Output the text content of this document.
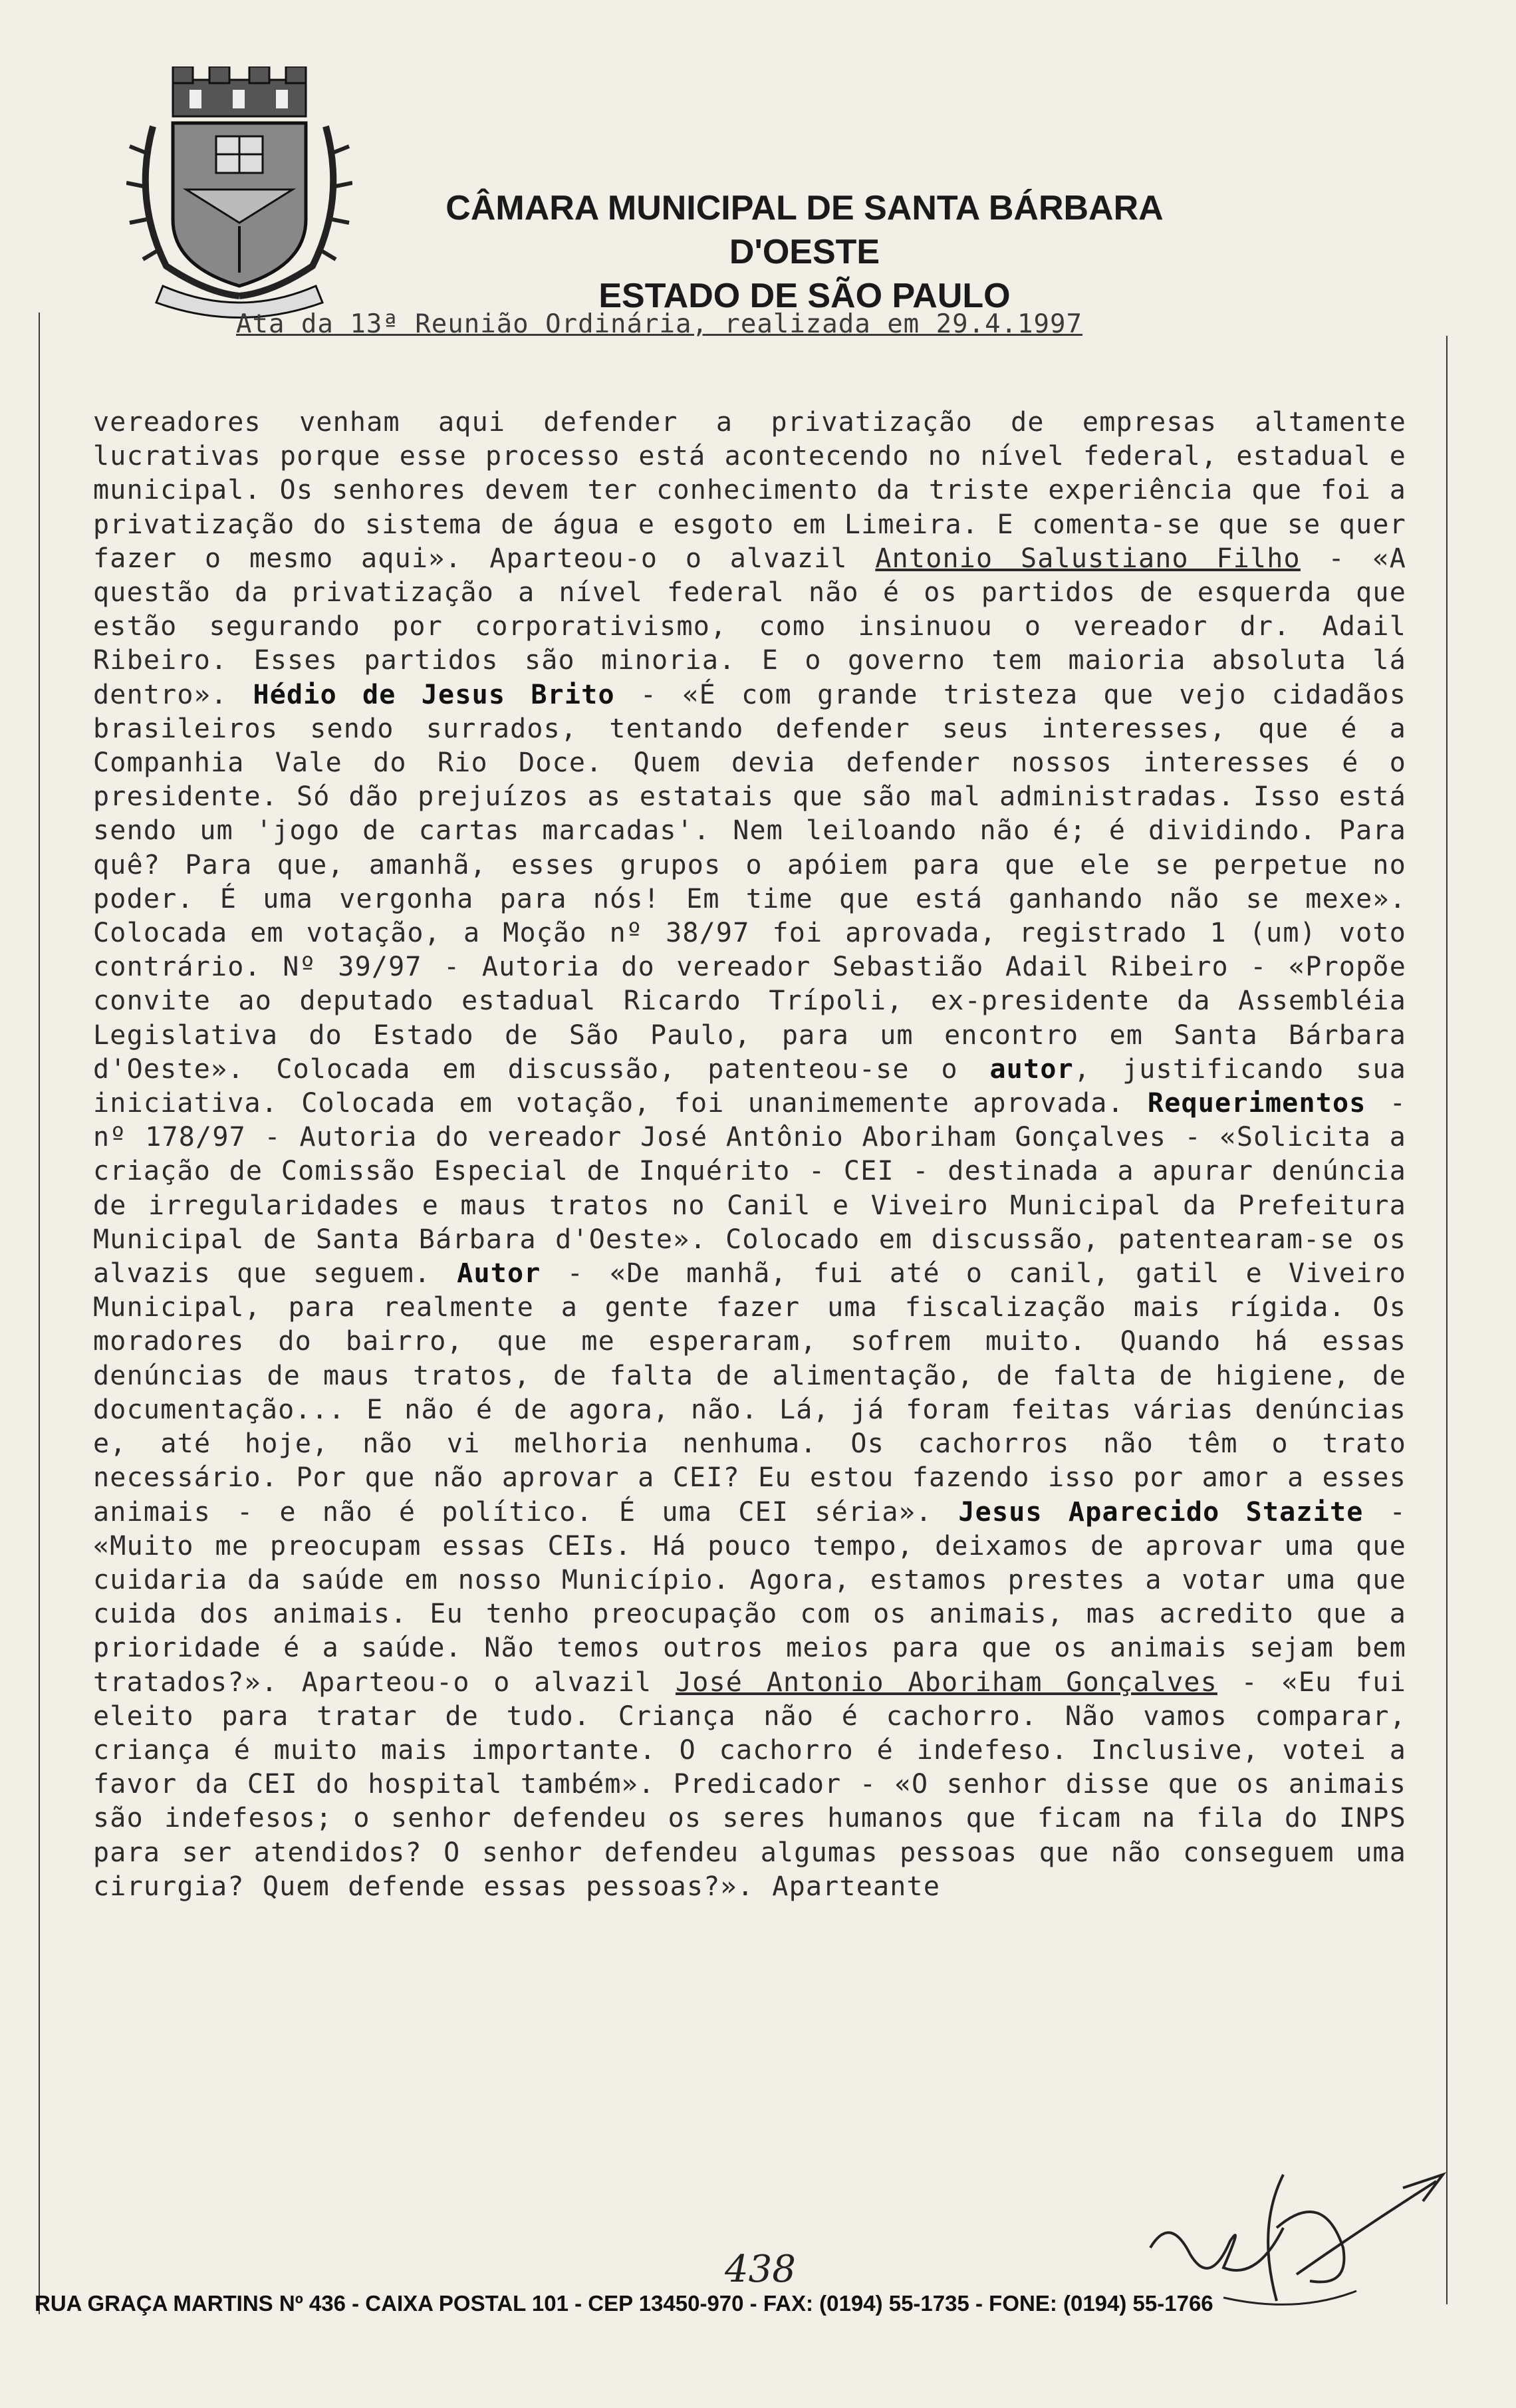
CÂMARA MUNICIPAL DE SANTA BÁRBARA D'OESTE
ESTADO DE SÃO PAULO
Ata da 13ª Reunião Ordinária, realizada em 29.4.1997
vereadores venham aqui defender a privatização de empresas altamente lucrativas porque esse processo está acontecendo no nível federal, estadual e municipal. Os senhores devem ter conhecimento da triste experiência que foi a privatização do sistema de água e esgoto em Limeira. E comenta-se que se quer fazer o mesmo aqui». Aparteou-o o alvazil Antonio Salustiano Filho - «A questão da privatização a nível federal não é os partidos de esquerda que estão segurando por corporativismo, como insinuou o vereador dr. Adail Ribeiro. Esses partidos são minoria. E o governo tem maioria absoluta lá dentro». Hédio de Jesus Brito - «É com grande tristeza que vejo cidadãos brasileiros sendo surrados, tentando defender seus interesses, que é a Companhia Vale do Rio Doce. Quem devia defender nossos interesses é o presidente. Só dão prejuízos as estatais que são mal administradas. Isso está sendo um 'jogo de cartas marcadas'. Nem leiloando não é; é dividindo. Para quê? Para que, amanhã, esses grupos o apóiem para que ele se perpetue no poder. É uma vergonha para nós! Em time que está ganhando não se mexe». Colocada em votação, a Moção nº 38/97 foi aprovada, registrado 1 (um) voto contrário. Nº 39/97 - Autoria do vereador Sebastião Adail Ribeiro - «Propõe convite ao deputado estadual Ricardo Trípoli, ex-presidente da Assembléia Legislativa do Estado de São Paulo, para um encontro em Santa Bárbara d'Oeste». Colocada em discussão, patenteou-se o autor, justificando sua iniciativa. Colocada em votação, foi unanimemente aprovada. Requerimentos - nº 178/97 - Autoria do vereador José Antônio Aboriham Gonçalves - «Solicita a criação de Comissão Especial de Inquérito - CEI - destinada a apurar denúncia de irregularidades e maus tratos no Canil e Viveiro Municipal da Prefeitura Municipal de Santa Bárbara d'Oeste». Colocado em discussão, patentearam-se os alvazis que seguem. Autor - «De manhã, fui até o canil, gatil e Viveiro Municipal, para realmente a gente fazer uma fiscalização mais rígida. Os moradores do bairro, que me esperaram, sofrem muito. Quando há essas denúncias de maus tratos, de falta de alimentação, de falta de higiene, de documentação... E não é de agora, não. Lá, já foram feitas várias denúncias e, até hoje, não vi melhoria nenhuma. Os cachorros não têm o trato necessário. Por que não aprovar a CEI? Eu estou fazendo isso por amor a esses animais - e não é político. É uma CEI séria». Jesus Aparecido Stazite - «Muito me preocupam essas CEIs. Há pouco tempo, deixamos de aprovar uma que cuidaria da saúde em nosso Município. Agora, estamos prestes a votar uma que cuida dos animais. Eu tenho preocupação com os animais, mas acredito que a prioridade é a saúde. Não temos outros meios para que os animais sejam bem tratados?». Aparteou-o o alvazil José Antonio Aboriham Gonçalves - «Eu fui eleito para tratar de tudo. Criança não é cachorro. Não vamos comparar, criança é muito mais importante. O cachorro é indefeso. Inclusive, votei a favor da CEI do hospital também». Predicador - «O senhor disse que os animais são indefesos; o senhor defendeu os seres humanos que ficam na fila do INPS para ser atendidos? O senhor defendeu algumas pessoas que não conseguem uma cirurgia? Quem defende essas pessoas?». Aparteante
438
RUA GRAÇA MARTINS Nº 436 - CAIXA POSTAL 101 - CEP 13450-970 - FAX: (0194) 55-1735 - FONE: (0194) 55-1766
